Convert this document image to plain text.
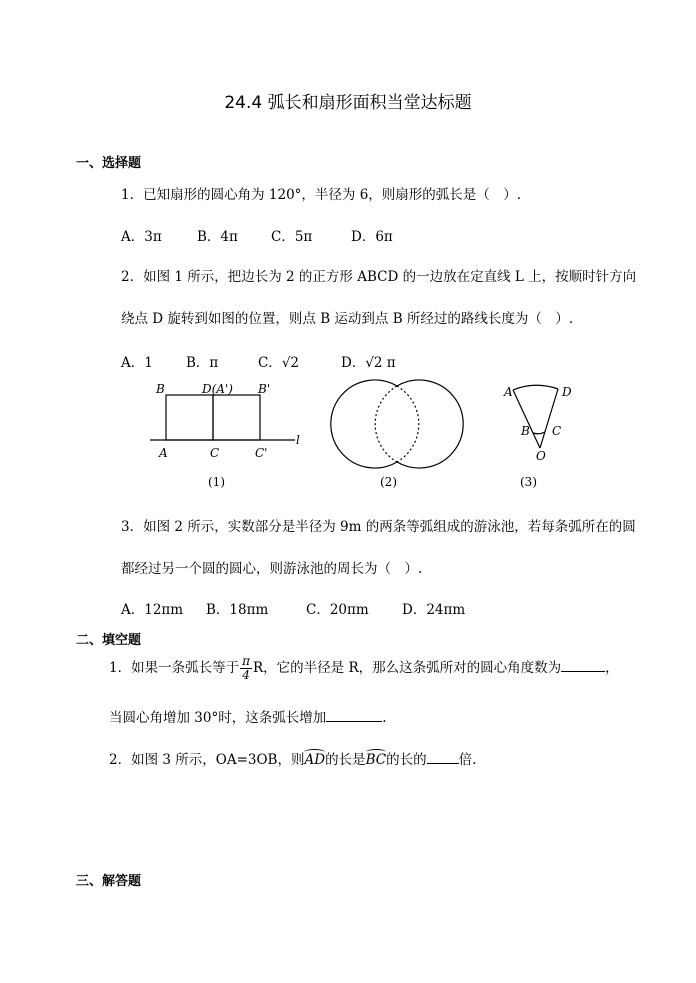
24.4 弧长和扇形面积当堂达标题
一、选择题
1．已知扇形的圆心角为 120°，半径为 6，则扇形的弧长是（　）.
A．3π	B．4π C．5π	D．6π
2．如图 1 所示，把边长为 2 的正方形 ABCD 的一边放在定直线 L 上，按顺时针方向
绕点 D 旋转到如图的位置，则点 B 运动到点 B 所经过的路线长度为（　）.
A．1 B．π	C．√2	D．√2 π
B	D(A') B'
A	C	C'
l
(1)	(2)
A	D
B C
O
(3)
3．如图 2 所示，实数部分是半径为 9m 的两条等弧组成的游泳池，若每条弧所在的圆
都经过另一个圆的圆心，则游泳池的周长为（　）.
A．12πm B．18πm	C．20πm D．24πm
二、填空题
1．如果一条弧长等于 $\frac{\pi}{4}$ R，它的半径是 R，那么这条弧所对的圆心角度数为	，
当圆心角增加 30°时，这条弧长增加	.
2．如图 3 所示，OA=3OB，则AD的长是BC的长的 倍.
三、解答题
